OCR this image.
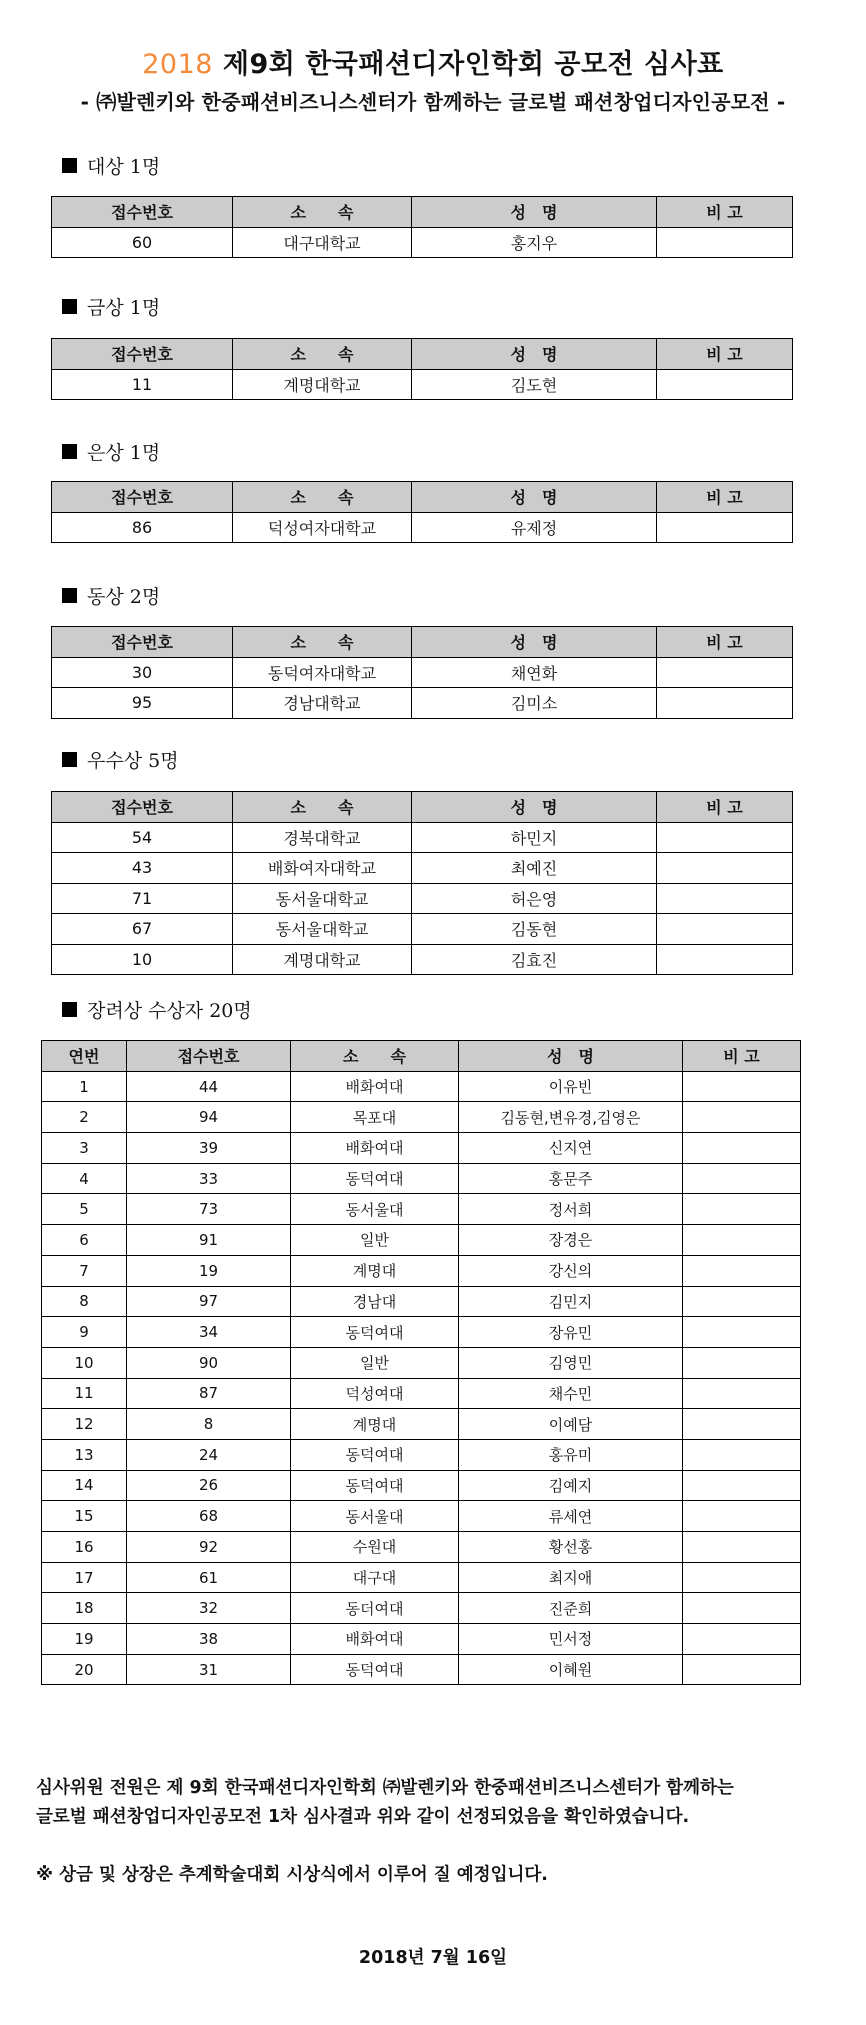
2018 제9회 한국패션디자인학회 공모전 심사표
- ㈜발렌키와 한중패션비즈니스센터가 함께하는 글로벌 패션창업디자인공모전 -
대상 1명
접수번호	소　　속	성　명	비 고
60	대구대학교	홍지우	
금상 1명
접수번호	소　　속	성　명	비 고
11	계명대학교	김도현	
은상 1명
접수번호	소　　속	성　명	비 고
86	덕성여자대학교	유제정	
동상 2명
접수번호	소　　속	성　명	비 고
30	동덕여자대학교	채연화	
95	경남대학교	김미소	
우수상 5명
접수번호	소　　속	성　명	비 고
54	경북대학교	하민지	
43	배화여자대학교	최예진	
71	동서울대학교	허은영	
67	동서울대학교	김동현	
10	계명대학교	김효진	
장려상 수상자 20명
연번	접수번호	소　　속	성　명	비 고
1	44	배화여대	이유빈	
2	94	목포대	김동현,변유경,김영은	
3	39	배화여대	신지연	
4	33	동덕여대	홍문주	
5	73	동서울대	정서희	
6	91	일반	장경은	
7	19	계명대	강신의	
8	97	경남대	김민지	
9	34	동덕여대	장유민	
10	90	일반	김영민	
11	87	덕성여대	채수민	
12	8	계명대	이예담	
13	24	동덕여대	홍유미	
14	26	동덕여대	김예지	
15	68	동서울대	류세연	
16	92	수원대	황선홍	
17	61	대구대	최지애	
18	32	동더여대	진준희	
19	38	배화여대	민서정	
20	31	동덕여대	이혜원	
심사위원 전원은 제 9회 한국패션디자인학회 ㈜발렌키와 한중패션비즈니스센터가 함께하는
글로벌 패션창업디자인공모전 1차 심사결과 위와 같이 선정되었음을 확인하였습니다.
※ 상금 및 상장은 추계학술대회 시상식에서 이루어 질 예정입니다.
2018년 7월 16일
